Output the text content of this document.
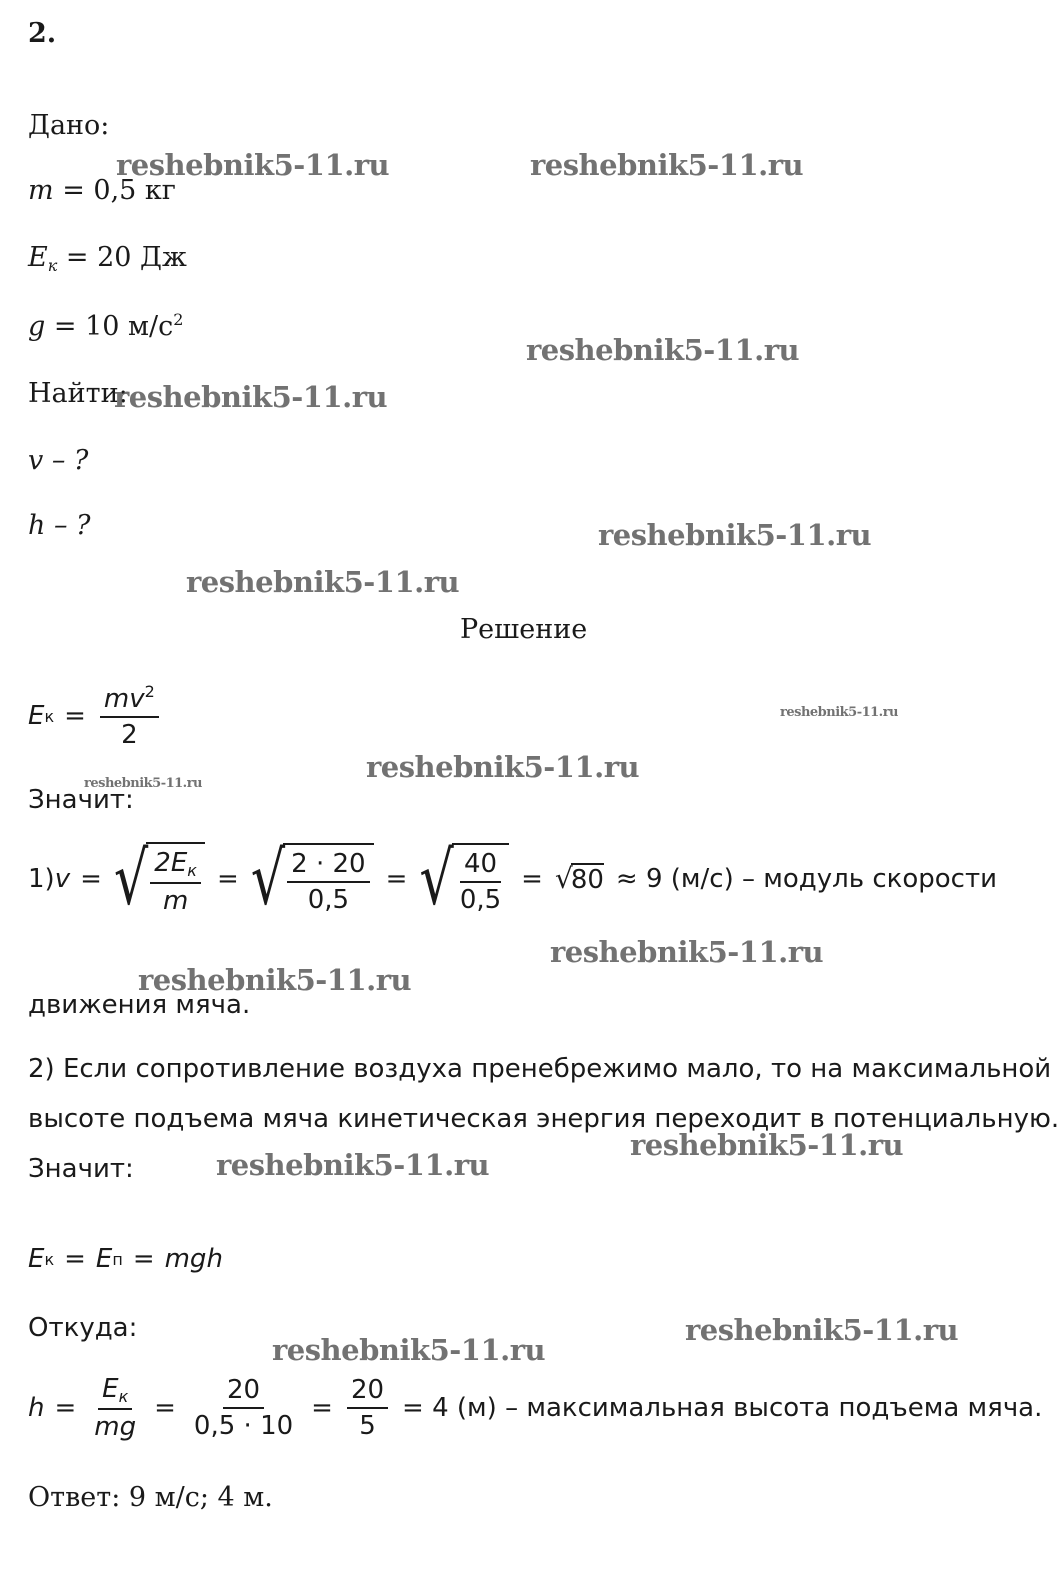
2.
Дано:
m = 0,5 кг
$E_к = 20$ Дж
g = 10 $м/с^2$
Найти:
v – ?
h – ?
Решение
E $к = \frac{mv^2}{2}$
Значит:
1) v = √ $\frac{2E_к}{m}$ = √ $\frac{2 \cdot 20}{0,5}$ = √ $\frac{40}{0,5}$ = √
80 ≈ 9 (м/с) – модуль скорости
движения мяча.
2) Если сопротивление воздуха пренебрежимо мало, то на максимальной
высоте подъема мяча кинетическая энергия переходит в потенциальную.
Значит:
E к = E п = mgh
Откуда:
$h = \frac{E_к}{mg} = \frac{20}{0,5 \cdot 10} = \frac{20}{5} = 4$ (м) – максимальная высота подъема мяча.
Ответ: 9 м/с; 4 м.
reshebnik5-11.ru	reshebnik5-11.ru
reshebnik5-11.ru
reshebnik5-11.ru
reshebnik5-11.ru
reshebnik5-11.ru
reshebnik5-11.ru
reshebnik5-11.ru
reshebnik5-11.ru
reshebnik5-11.ru
reshebnik5-11.ru
reshebnik5-11.ru
reshebnik5-11.ru
reshebnik5-11.ru
reshebnik5-11.ru
